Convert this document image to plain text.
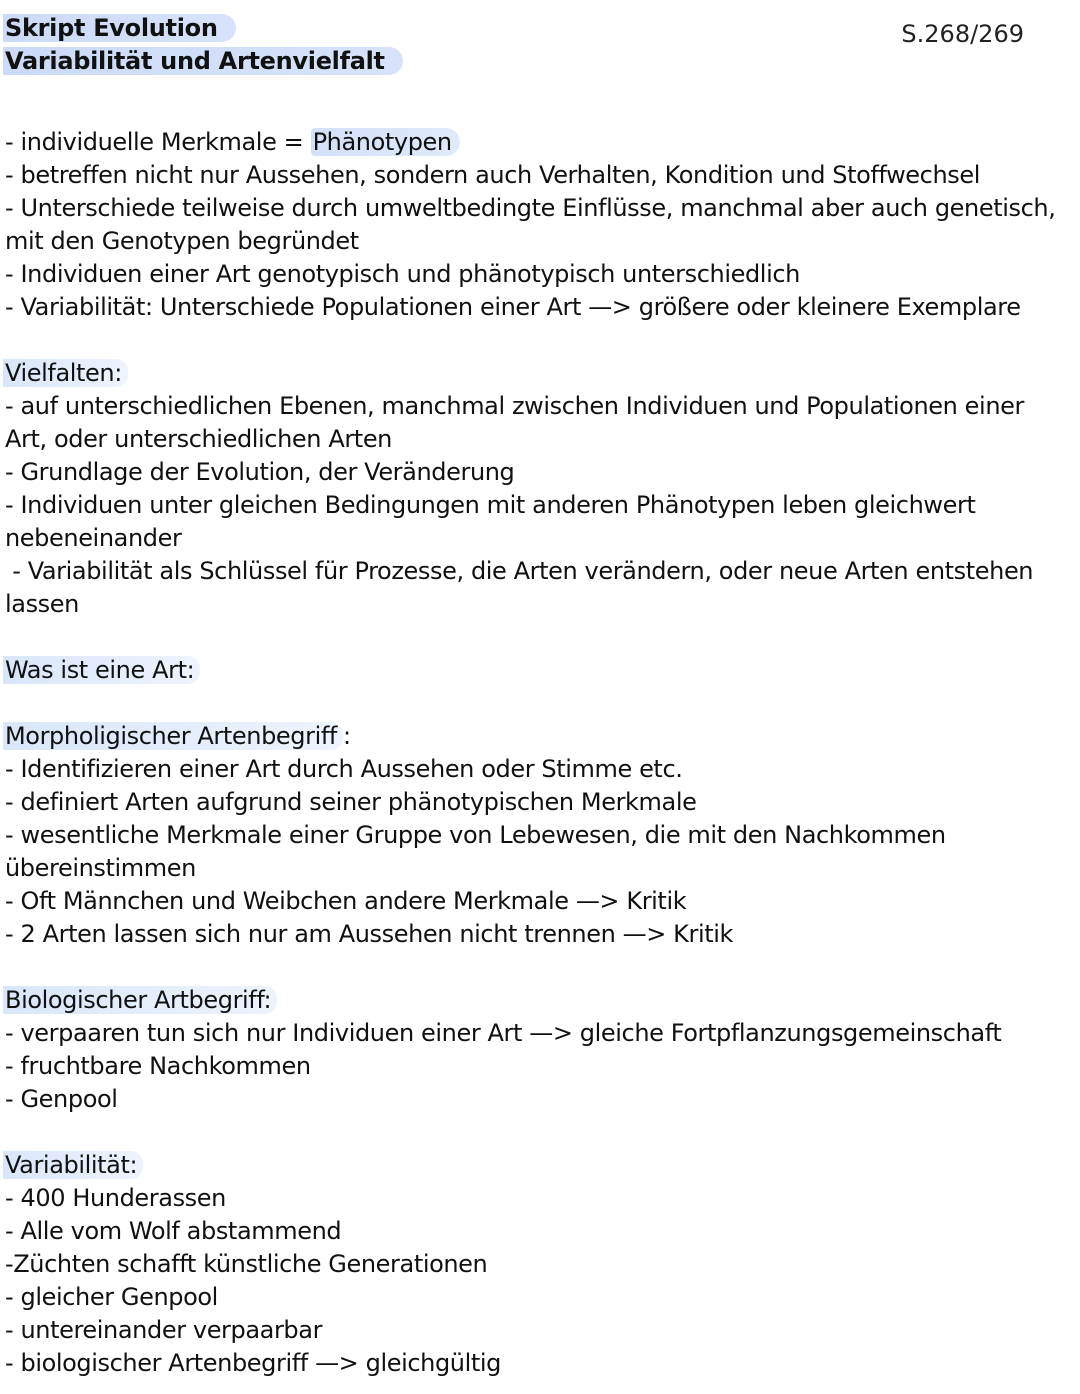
Skript Evolution
Variabilität und Artenvielfalt
S.268/269
- individuelle Merkmale = Phänotypen
- betreffen nicht nur Aussehen, sondern auch Verhalten, Kondition und Stoffwechsel
- Unterschiede teilweise durch umweltbedingte Einflüsse, manchmal aber auch genetisch,
mit den Genotypen begründet
- Individuen einer Art genotypisch und phänotypisch unterschiedlich
- Variabilität: Unterschiede Populationen einer Art —> größere oder kleinere Exemplare
Vielfalten:
- auf unterschiedlichen Ebenen, manchmal zwischen Individuen und Populationen einer
Art, oder unterschiedlichen Arten
- Grundlage der Evolution, der Veränderung
- Individuen unter gleichen Bedingungen mit anderen Phänotypen leben gleichwert
nebeneinander
- Variabilität als Schlüssel für Prozesse, die Arten verändern, oder neue Arten entstehen
lassen
Was ist eine Art:
Morpholigischer Artenbegriff :
- Identifizieren einer Art durch Aussehen oder Stimme etc.
- definiert Arten aufgrund seiner phänotypischen Merkmale
- wesentliche Merkmale einer Gruppe von Lebewesen, die mit den Nachkommen
übereinstimmen
- Oft Männchen und Weibchen andere Merkmale —> Kritik
- 2 Arten lassen sich nur am Aussehen nicht trennen —> Kritik
Biologischer Artbegriff:
- verpaaren tun sich nur Individuen einer Art —> gleiche Fortpflanzungsgemeinschaft
- fruchtbare Nachkommen
- Genpool
Variabilität:
- 400 Hunderassen
- Alle vom Wolf abstammend
-Züchten schafft künstliche Generationen
- gleicher Genpool
- untereinander verpaarbar
- biologischer Artenbegriff —> gleichgültig
